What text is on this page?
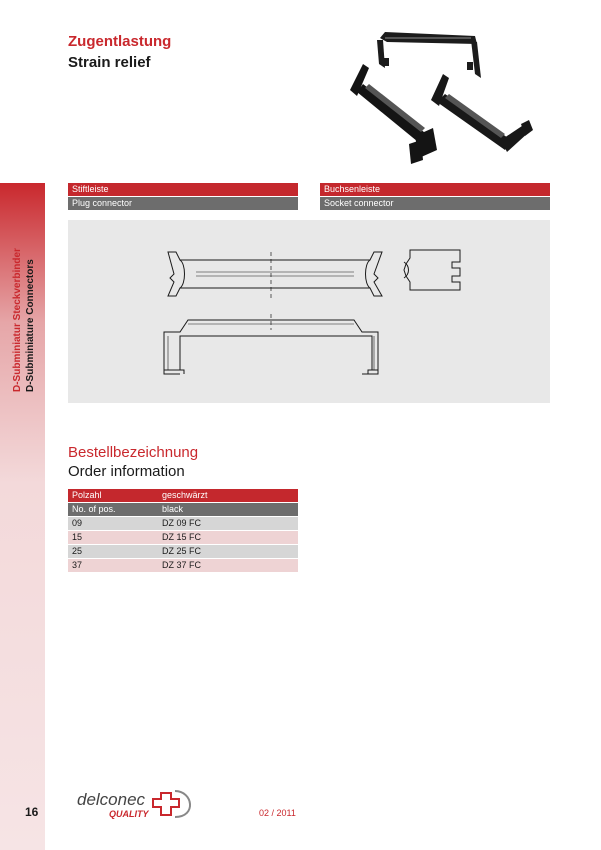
D-Subminiatur Steckverbinder D-Subminiature Connectors
Zugentlastung
Strain relief
Stiftleiste
Plug connector
Buchsenleiste
Socket connector
Bestellbezeichnung
Order information
Polzahl	geschwärzt
No. of pos.	black
09	DZ 09 FC
15	DZ 15 FC
25	DZ 25 FC
37	DZ 37 FC
16
delconec
QUALITY	02 / 2011
